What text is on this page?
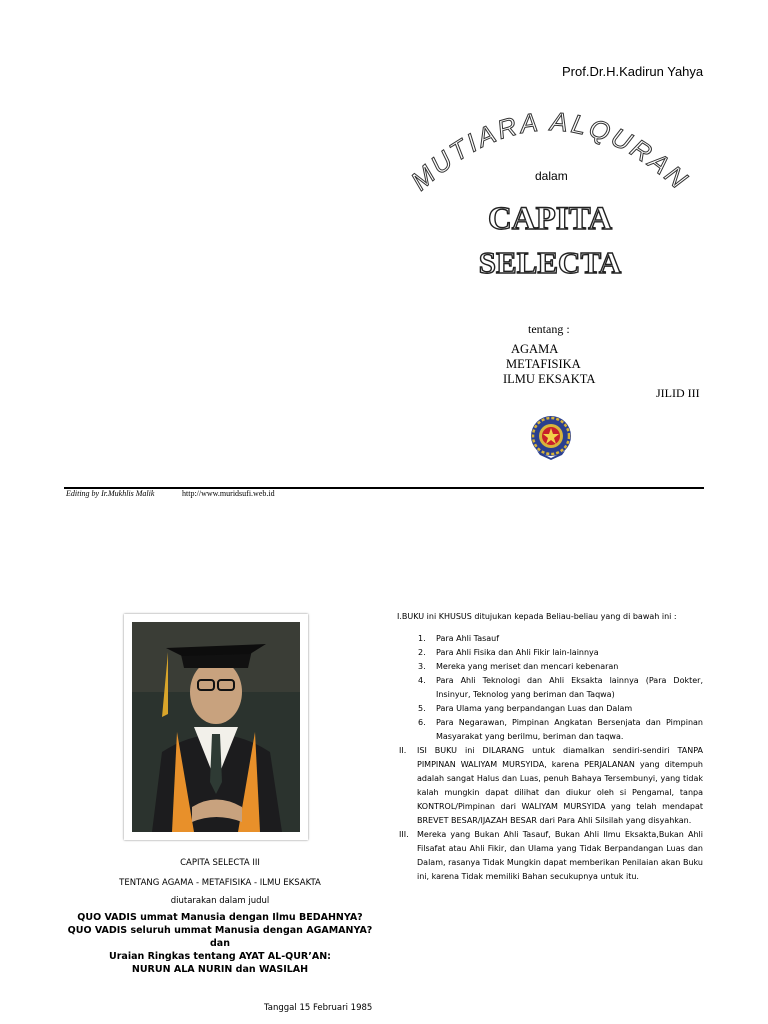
Prof.Dr.H.Kadirun Yahya
MUTIARA ALQURAN
dalam
CAPITA
SELECTA
tentang :
AGAMA
METAFISIKA
ILMU EKSAKTA
JILID III
Editing by Ir.Mukhlis Malik	http://www.muridsufi.web.id
CAPITA SELECTA III
TENTANG AGAMA - METAFISIKA - ILMU EKSAKTA
diutarakan dalam judul
QUO VADIS ummat Manusia dengan Ilmu BEDAHNYA?
QUO VADIS seluruh ummat Manusia dengan AGAMANYA?
dan
Uraian Ringkas tentang AYAT AL-QUR’AN:
NURUN ALA NURIN dan WASILAH
Tanggal 15 Februari 1985
I.BUKU ini KHUSUS ditujukan kepada Beliau-beliau yang di bawah ini :
1.	Para Ahli Tasauf
2.	Para Ahli Fisika dan Ahli Fikir lain-lainnya
3.	Mereka yang meriset dan mencari kebenaran
4.	Para Ahli Teknologi dan Ahli Eksakta lainnya (Para Dokter, Insinyur, Teknolog yang beriman dan Taqwa)
5.	Para Ulama yang berpandangan Luas dan Dalam
6.	Para Negarawan, Pimpinan Angkatan Bersenjata dan Pimpinan Masyarakat yang berilmu, beriman dan taqwa.
II.	ISI BUKU ini DILARANG untuk diamalkan sendiri-sendiri TANPA PIMPINAN WALIYAM MURSYIDA, karena PERJALANAN yang ditempuh adalah sangat Halus dan Luas, penuh Bahaya Tersembunyi, yang tidak kalah mungkin dapat dilihat dan diukur oleh si Pengamal, tanpa KONTROL/Pimpinan dari WALIYAM MURSYIDA yang telah mendapat BREVET BESAR/IJAZAH BESAR dari Para Ahli Silsilah yang disyahkan.
III.	Mereka yang Bukan Ahli Tasauf, Bukan Ahli Ilmu Eksakta,Bukan Ahli Filsafat atau Ahli Fikir, dan Ulama yang Tidak Berpandangan Luas dan Dalam, rasanya Tidak Mungkin dapat memberikan Penilaian akan Buku ini, karena Tidak memiliki Bahan secukupnya untuk itu.
